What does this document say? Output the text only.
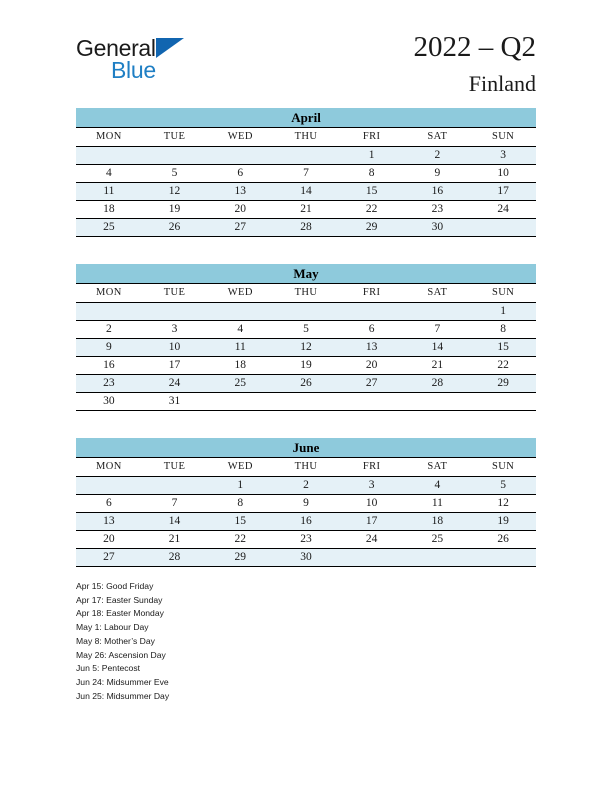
General
Blue
2022 – Q2
Finland
April
MON	TUE	WED	THU	FRI	SAT	SUN
				1	2	3
4	5	6	7	8	9	10
11	12	13	14	15	16	17
18	19	20	21	22	23	24
25	26	27	28	29	30	
May
MON	TUE	WED	THU	FRI	SAT	SUN
						1
2	3	4	5	6	7	8
9	10	11	12	13	14	15
16	17	18	19	20	21	22
23	24	25	26	27	28	29
30	31					
June
MON	TUE	WED	THU	FRI	SAT	SUN
		1	2	3	4	5
6	7	8	9	10	11	12
13	14	15	16	17	18	19
20	21	22	23	24	25	26
27	28	29	30			
Apr 15: Good Friday
Apr 17: Easter Sunday
Apr 18: Easter Monday
May 1: Labour Day
May 8: Mother’s Day
May 26: Ascension Day
Jun 5: Pentecost
Jun 24: Midsummer Eve
Jun 25: Midsummer Day
